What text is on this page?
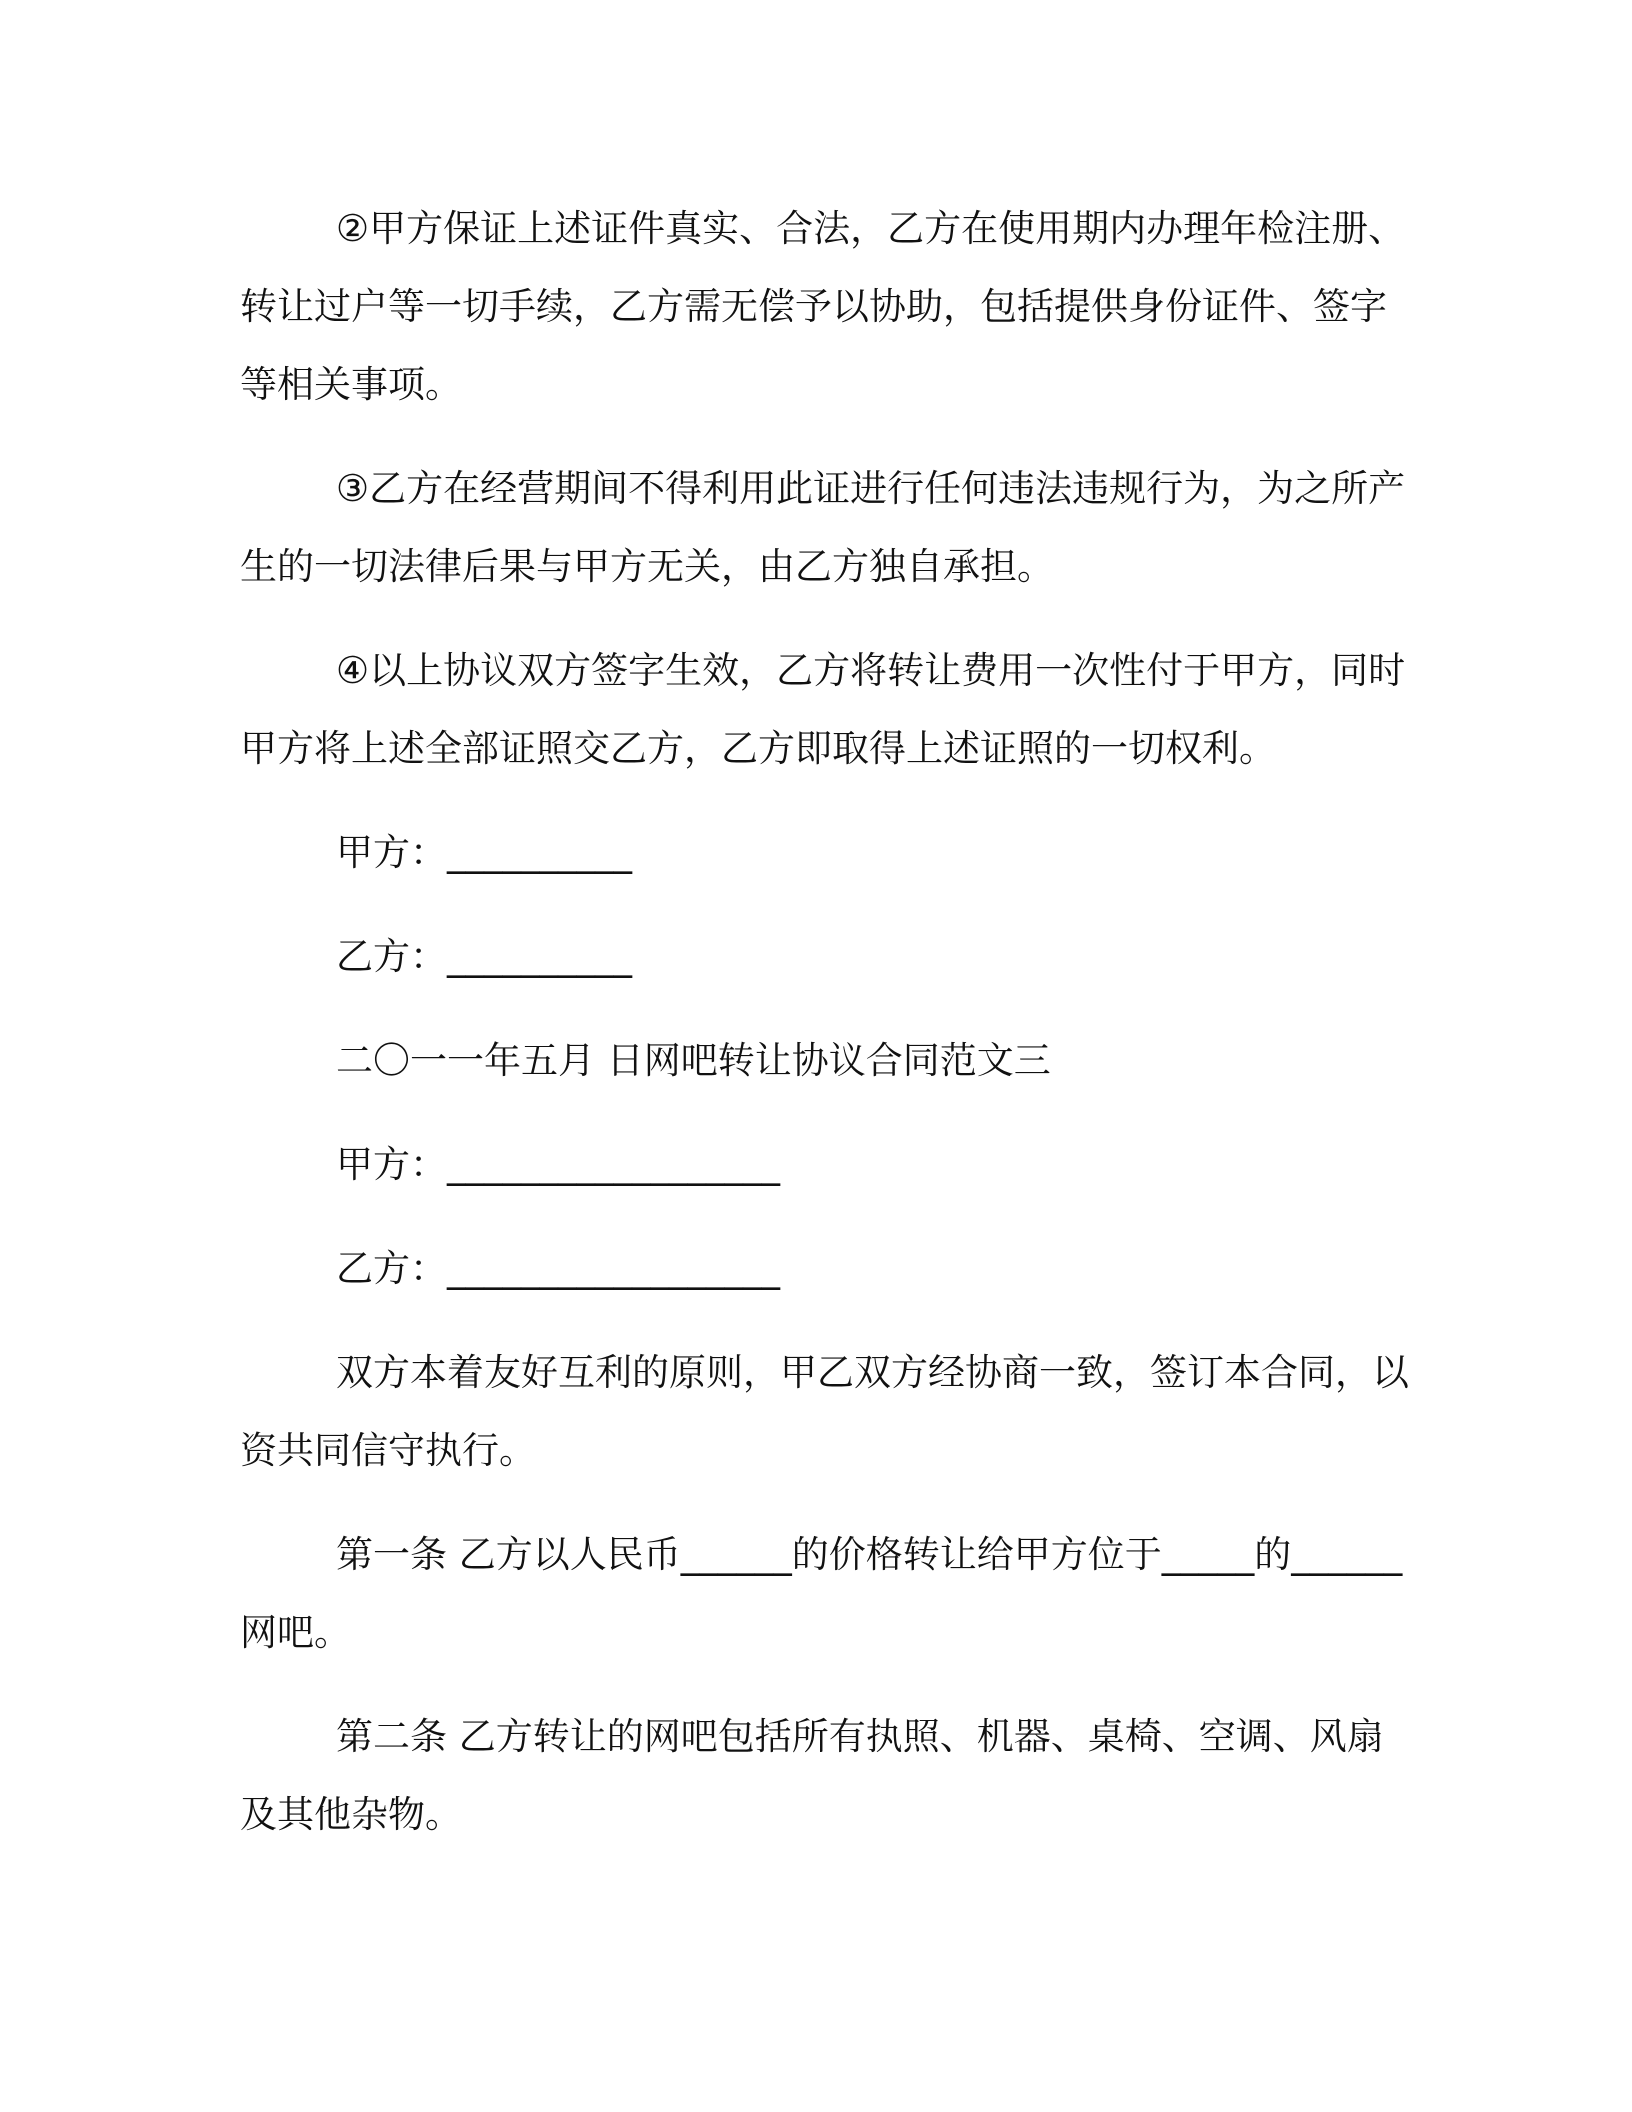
②甲方保证上述证件真实、合法，乙方在使用期内办理年检注册、转让过户等一切手续，乙方需无偿予以协助，包括提供身份证件、签字等相关事项。

③乙方在经营期间不得利用此证进行任何违法违规行为，为之所产生的一切法律后果与甲方无关，由乙方独自承担。

④以上协议双方签字生效，乙方将转让费用一次性付于甲方，同时甲方将上述全部证照交乙方，乙方即取得上述证照的一切权利。

甲方：__________

乙方：__________

二〇一一年五月 日网吧转让协议合同范文三

甲方：__________________

乙方：__________________

双方本着友好互利的原则，甲乙双方经协商一致，签订本合同，以资共同信守执行。

第一条 乙方以人民币______的价格转让给甲方位于_____的______网吧。

第二条 乙方转让的网吧包括所有执照、机器、桌椅、空调、风扇及其他杂物。
